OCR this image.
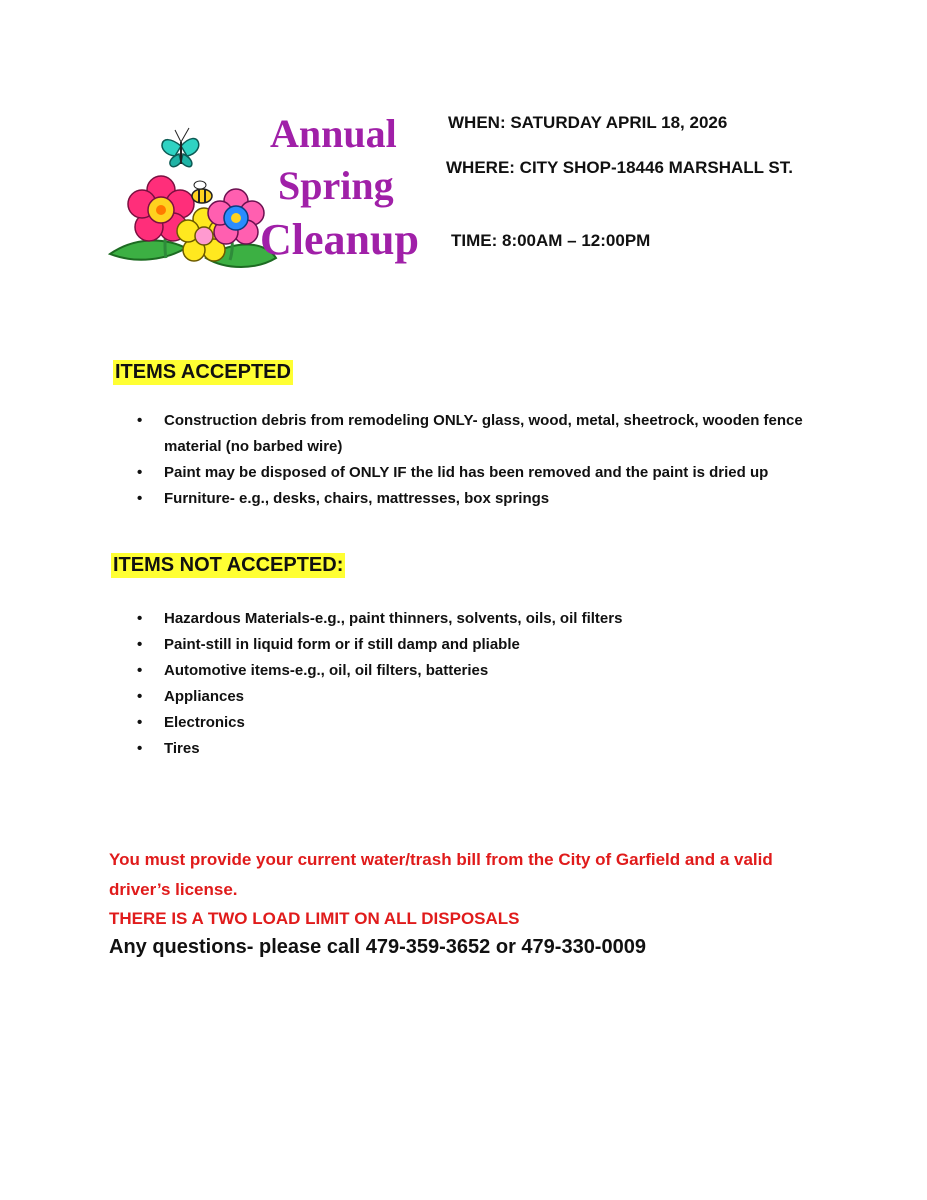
Annual
Spring
Cleanup
WHEN: SATURDAY APRIL 18, 2026
WHERE: CITY SHOP-18446 MARSHALL ST.
TIME: 8:00AM – 12:00PM
ITEMS ACCEPTED
• Construction debris from remodeling ONLY- glass, wood, metal, sheetrock, wooden fence material (no barbed wire)
• Paint may be disposed of ONLY IF the lid has been removed and the paint is dried up
• Furniture- e.g., desks, chairs, mattresses, box springs
ITEMS NOT ACCEPTED:
• Hazardous Materials-e.g., paint thinners, solvents, oils, oil filters
• Paint-still in liquid form or if still damp and pliable
• Automotive items-e.g., oil, oil filters, batteries
• Appliances
• Electronics
• Tires

You must provide your current water/trash bill from the City of Garfield and a valid driver’s license.

THERE IS A TWO LOAD LIMIT ON ALL DISPOSALS

Any questions- please call 479-359-3652 or 479-330-0009
